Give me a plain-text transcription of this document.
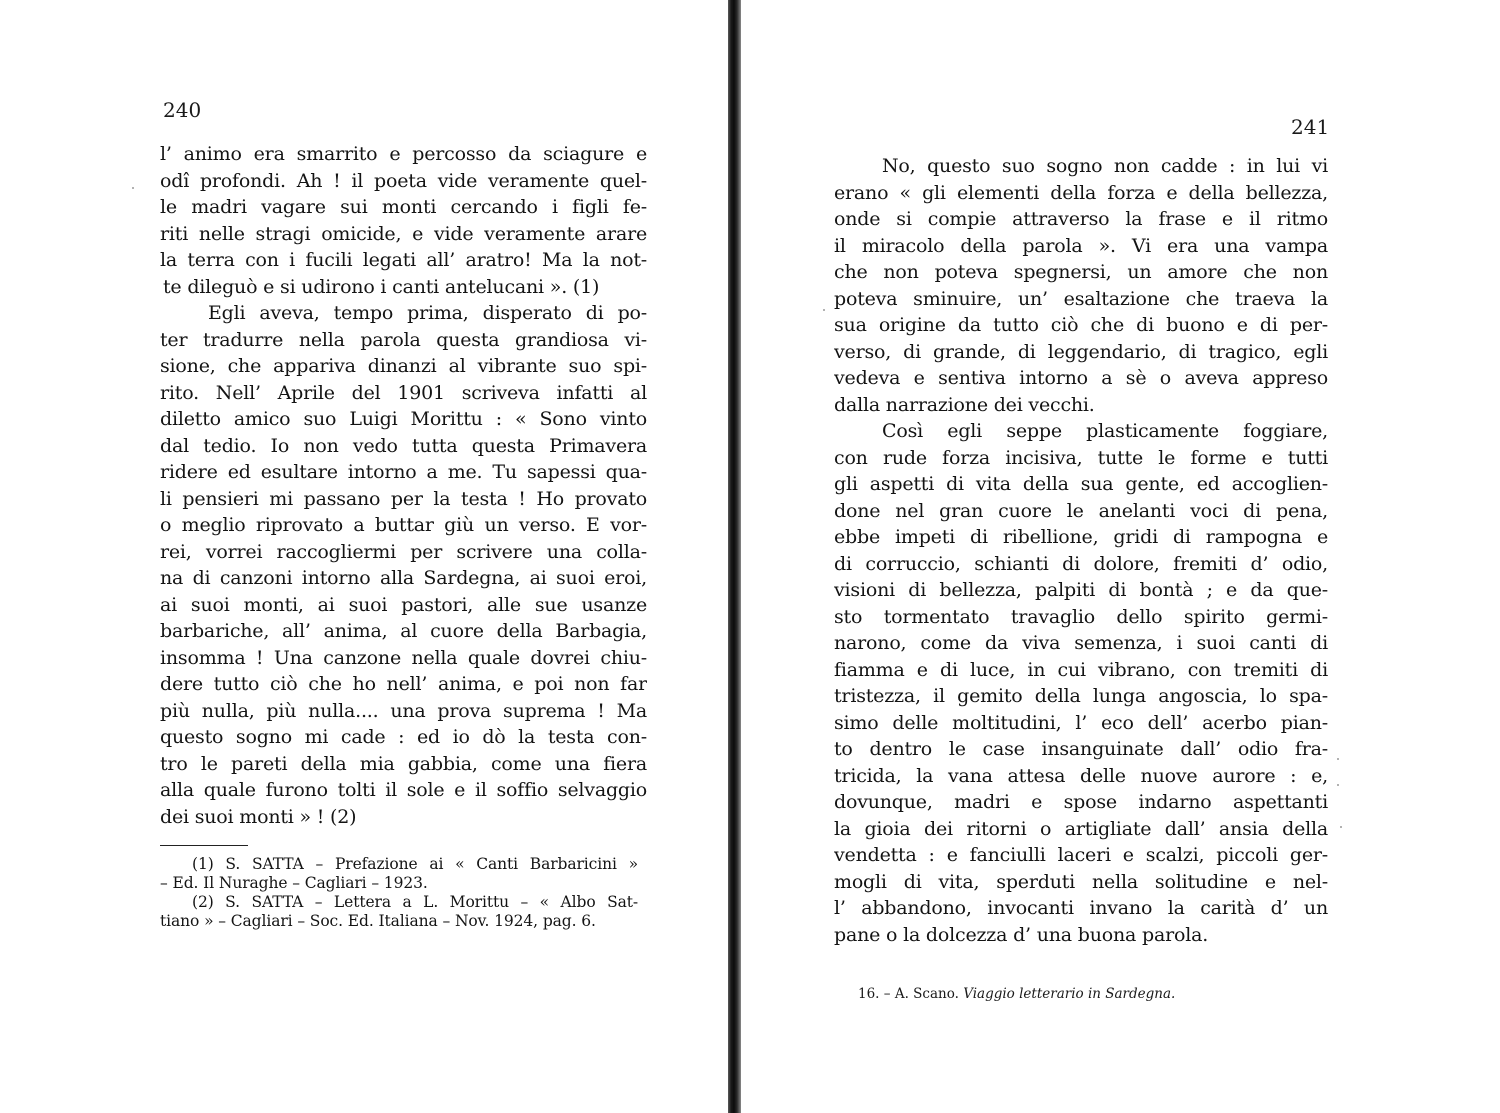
240
241
l’ animo era smarrito e percosso da sciagure e
odî profondi. Ah ! il poeta vide veramente quel-
le madri vagare sui monti cercando i figli fe-
riti nelle stragi omicide, e vide veramente arare
la terra con i fucili legati all’ aratro! Ma la not-
te dileguò e si udirono i canti antelucani ». (1)
Egli aveva, tempo prima, disperato di po-
ter tradurre nella parola questa grandiosa vi-
sione, che appariva dinanzi al vibrante suo spi-
rito. Nell’ Aprile del 1901 scriveva infatti al
diletto amico suo Luigi Morittu : « Sono vinto
dal tedio. Io non vedo tutta questa Primavera
ridere ed esultare intorno a me. Tu sapessi qua-
li pensieri mi passano per la testa ! Ho provato
o meglio riprovato a buttar giù un verso. E vor-
rei, vorrei raccogliermi per scrivere una colla-
na di canzoni intorno alla Sardegna, ai suoi eroi,
ai suoi monti, ai suoi pastori, alle sue usanze
barbariche, all’ anima, al cuore della Barbagia,
insomma ! Una canzone nella quale dovrei chiu-
dere tutto ciò che ho nell’ anima, e poi non far
più nulla, più nulla.... una prova suprema ! Ma
questo sogno mi cade : ed io dò la testa con-
tro le pareti della mia gabbia, come una fiera
alla quale furono tolti il sole e il soffio selvaggio
dei suoi monti » ! (2)
(1) S. SATTA – Prefazione ai « Canti Barbaricini »
– Ed. Il Nuraghe – Cagliari – 1923.
(2) S. SATTA – Lettera a L. Morittu – « Albo Sat-
tiano » – Cagliari – Soc. Ed. Italiana – Nov. 1924, pag. 6.
No, questo suo sogno non cadde : in lui vi
erano « gli elementi della forza e della bellezza,
onde si compie attraverso la frase e il ritmo
il miracolo della parola ». Vi era una vampa
che non poteva spegnersi, un amore che non
poteva sminuire, un’ esaltazione che traeva la
sua origine da tutto ciò che di buono e di per-
verso, di grande, di leggendario, di tragico, egli
vedeva e sentiva intorno a sè o aveva appreso
dalla narrazione dei vecchi.
Così egli seppe plasticamente foggiare,
con rude forza incisiva, tutte le forme e tutti
gli aspetti di vita della sua gente, ed accoglien-
done nel gran cuore le anelanti voci di pena,
ebbe impeti di ribellione, gridi di rampogna e
di corruccio, schianti di dolore, fremiti d’ odio,
visioni di bellezza, palpiti di bontà ; e da que-
sto tormentato travaglio dello spirito germi-
narono, come da viva semenza, i suoi canti di
fiamma e di luce, in cui vibrano, con tremiti di
tristezza, il gemito della lunga angoscia, lo spa-
simo delle moltitudini, l’ eco dell’ acerbo pian-
to dentro le case insanguinate dall’ odio fra-
tricida, la vana attesa delle nuove aurore : e,
dovunque, madri e spose indarno aspettanti
la gioia dei ritorni o artigliate dall’ ansia della
vendetta : e fanciulli laceri e scalzi, piccoli ger-
mogli di vita, sperduti nella solitudine e nel-
l’ abbandono, invocanti invano la carità d’ un
pane o la dolcezza d’ una buona parola.
16. – A. Scano. Viaggio letterario in Sardegna.
